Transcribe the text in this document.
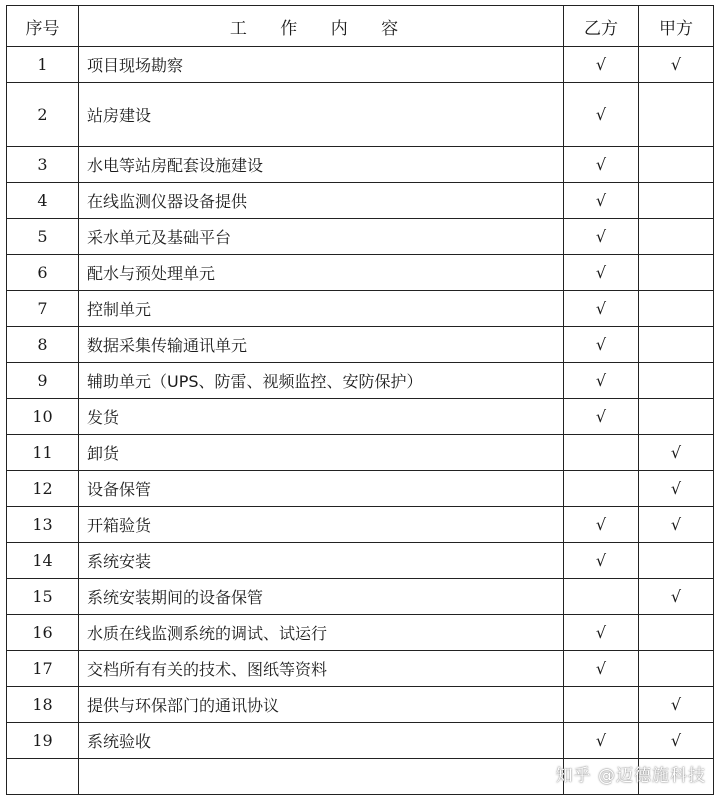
序号	工 作 内 容	乙方	甲方
1	项目现场勘察	√	√
2	站房建设	√	
3	水电等站房配套设施建设	√	
4	在线监测仪器设备提供	√	
5	采水单元及基础平台	√	
6	配水与预处理单元	√	
7	控制单元	√	
8	数据采集传输通讯单元	√	
9	辅助单元（UPS、防雷、视频监控、安防保护）	√	
10	发货	√	
11	卸货		√
12	设备保管		√
13	开箱验货	√	√
14	系统安装	√	
15	系统安装期间的设备保管		√
16	水质在线监测系统的调试、试运行	√	
17	交档所有有关的技术、图纸等资料	√	
18	提供与环保部门的通讯协议		√
19	系统验收	√	√

知乎 @迈德施科技
